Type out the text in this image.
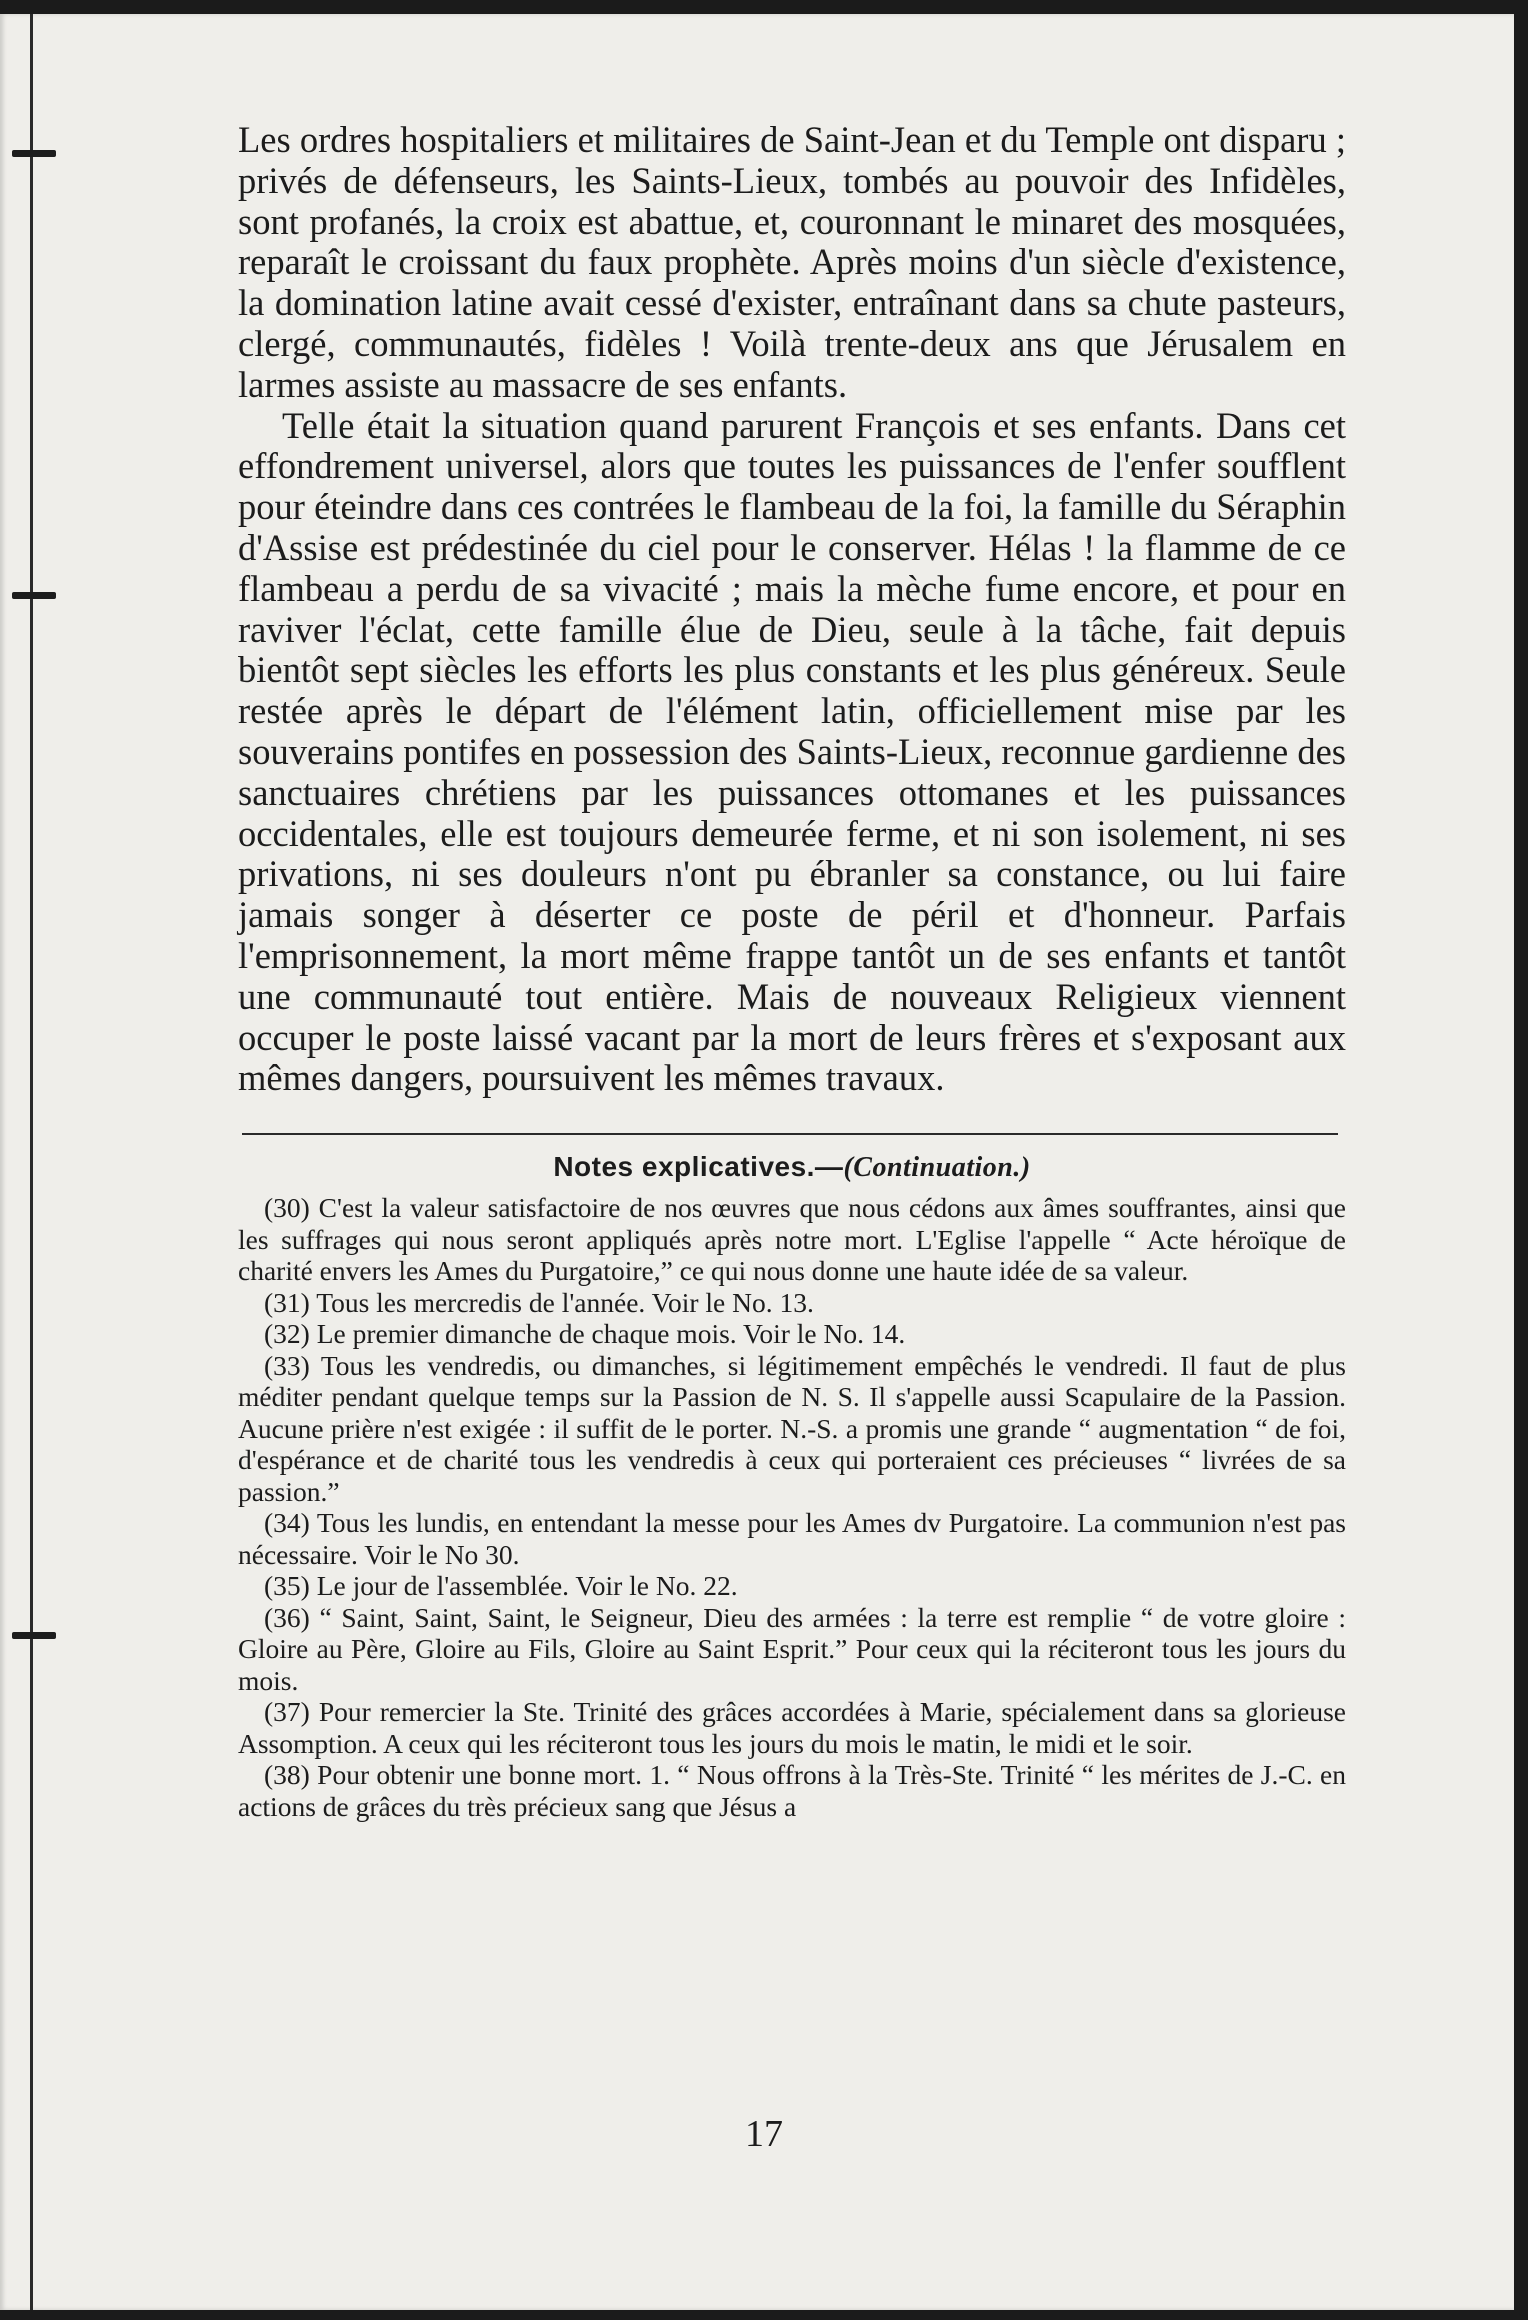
Les ordres hospitaliers et militaires de Saint-Jean et du Temple ont disparu ; privés de défenseurs, les Saints-Lieux, tombés au pouvoir des Infidèles, sont profanés, la croix est abattue, et, couronnant le minaret des mosquées, reparaît le croissant du faux prophète. Après moins d'un siècle d'existence, la domination latine avait cessé d'exister, entraînant dans sa chute pasteurs, clergé, communautés, fidèles ! Voilà trente-deux ans que Jérusalem en larmes assiste au massacre de ses enfants.

Telle était la situation quand parurent François et ses enfants. Dans cet effondrement universel, alors que toutes les puissances de l'enfer soufflent pour éteindre dans ces contrées le flambeau de la foi, la famille du Séraphin d'Assise est prédestinée du ciel pour le conserver. Hélas ! la flamme de ce flambeau a perdu de sa vivacité ; mais la mèche fume encore, et pour en raviver l'éclat, cette famille élue de Dieu, seule à la tâche, fait depuis bientôt sept siècles les efforts les plus constants et les plus généreux. Seule restée après le départ de l'élément latin, officiellement mise par les souverains pontifes en possession des Saints-Lieux, reconnue gardienne des sanctuaires chrétiens par les puissances ottomanes et les puissances occidentales, elle est toujours demeurée ferme, et ni son isolement, ni ses privations, ni ses douleurs n'ont pu ébranler sa constance, ou lui faire jamais songer à déserter ce poste de péril et d'honneur. Parfais l'emprisonnement, la mort même frappe tantôt un de ses enfants et tantôt une communauté tout entière. Mais de nouveaux Religieux viennent occuper le poste laissé vacant par la mort de leurs frères et s'exposant aux mêmes dangers, poursuivent les mêmes travaux.

Notes explicatives.—(Continuation.)

(30) C'est la valeur satisfactoire de nos œuvres que nous cédons aux âmes souffrantes, ainsi que les suffrages qui nous seront appliqués après notre mort. L'Eglise l'appelle “ Acte héroïque de charité envers les Ames du Purgatoire,” ce qui nous donne une haute idée de sa valeur.

(31) Tous les mercredis de l'année. Voir le No. 13.

(32) Le premier dimanche de chaque mois. Voir le No. 14.

(33) Tous les vendredis, ou dimanches, si légitimement empêchés le vendredi. Il faut de plus méditer pendant quelque temps sur la Passion de N. S. Il s'appelle aussi Scapulaire de la Passion. Aucune prière n'est exigée : il suffit de le porter. N.-S. a promis une grande “ augmentation “ de foi, d'espérance et de charité tous les vendredis à ceux qui porteraient ces précieuses “ livrées de sa passion.”

(34) Tous les lundis, en entendant la messe pour les Ames dv Purgatoire. La communion n'est pas nécessaire. Voir le No 30.

(35) Le jour de l'assemblée. Voir le No. 22.

(36) “ Saint, Saint, Saint, le Seigneur, Dieu des armées : la terre est remplie “ de votre gloire : Gloire au Père, Gloire au Fils, Gloire au Saint Esprit.” Pour ceux qui la réciteront tous les jours du mois.

(37) Pour remercier la Ste. Trinité des grâces accordées à Marie, spécialement dans sa glorieuse Assomption. A ceux qui les réciteront tous les jours du mois le matin, le midi et le soir.

(38) Pour obtenir une bonne mort. 1. “ Nous offrons à la Très-Ste. Trinité “ les mérites de J.-C. en actions de grâces du très précieux sang que Jésus a

17
